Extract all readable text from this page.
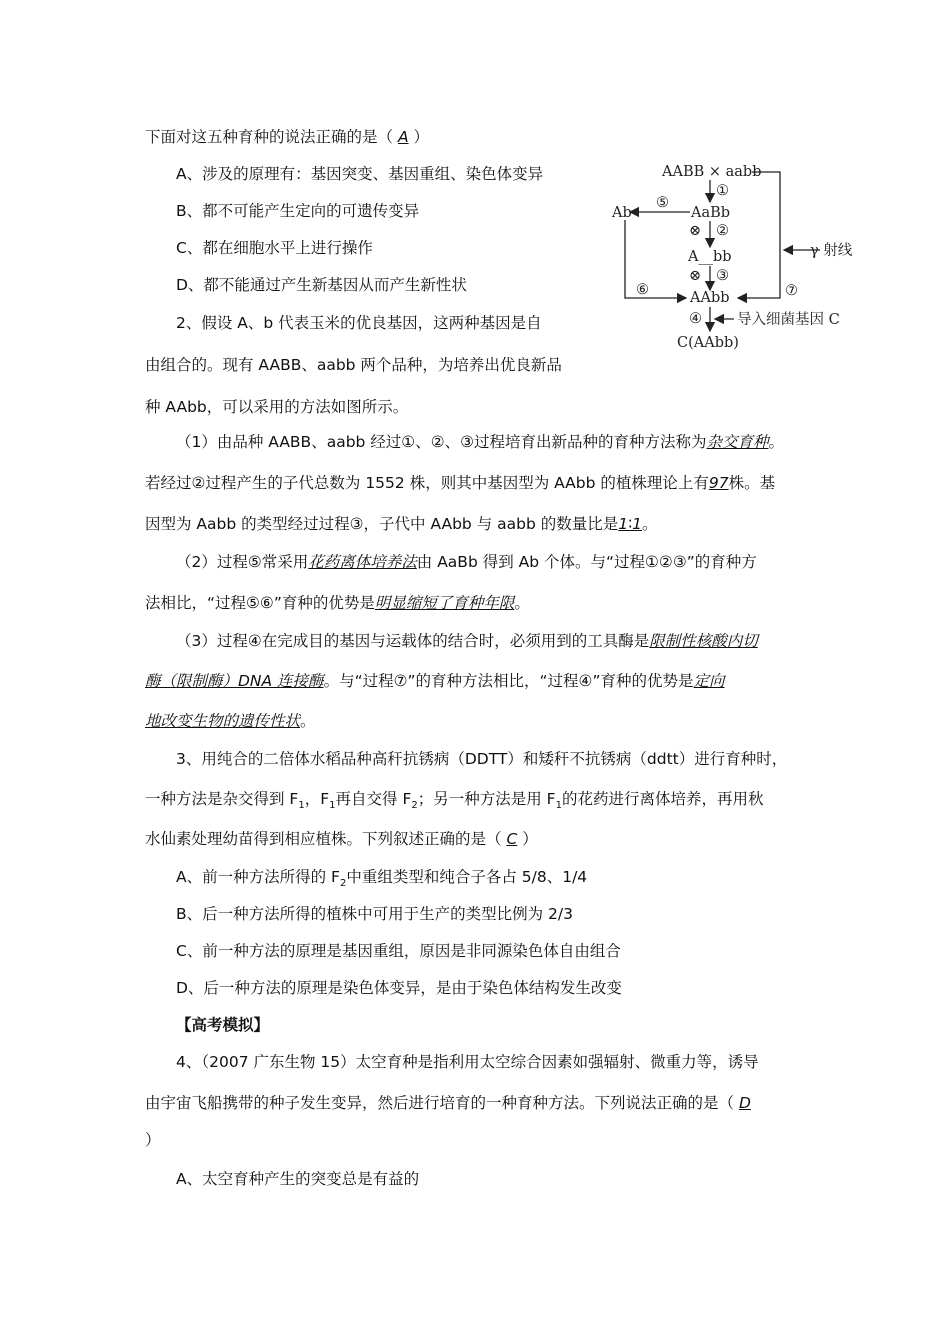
下面对这五种育种的说法正确的是（ A ）
A、涉及的原理有：基因突变、基因重组、染色体变异
B、都不可能产生定向的可遗传变异
C、都在细胞水平上进行操作
D、都不能通过产生新基因从而产生新性状
2、假设 A、b 代表玉米的优良基因，这两种基因是自
由组合的。现有 AABB、aabb 两个品种，为培养出优良新品
种 AAbb，可以采用的方法如图所示。
AABB × aabb
①
AaBb
⑤
Ab
⊗ ②
A__bb
⊗ ③
AAbb
⑥	⑦
γ 射线
④ 导入细菌基因 C
C(AAbb)
（1）由品种 AABB、aabb 经过①、②、③过程培育出新品种的育种方法称为杂交育种。
若经过②过程产生的子代总数为 1552 株，则其中基因型为 AAbb 的植株理论上有97株。基
因型为 Aabb 的类型经过过程③，子代中 AAbb 与 aabb 的数量比是1∶1。
（2）过程⑤常采用花药离体培养法由 AaBb 得到 Ab 个体。与“过程①②③”的育种方
法相比，“过程⑤⑥”育种的优势是明显缩短了育种年限。
（3）过程④在完成目的基因与运载体的结合时，必须用到的工具酶是限制性核酸内切
酶（限制酶）DNA 连接酶。与“过程⑦”的育种方法相比，“过程④”育种的优势是定向
地改变生物的遗传性状。
3、用纯合的二倍体水稻品种高秆抗锈病（DDTT）和矮秆不抗锈病（ddtt）进行育种时，
一种方法是杂交得到 $F_1$，$F_1$再自交得 $F_2$；另一种方法是用 $F_1$的花药进行离体培养，再用秋
水仙素处理幼苗得到相应植株。下列叙述正确的是（ C ）
A、前一种方法所得的 $F_2$中重组类型和纯合子各占 5/8、1/4
B、后一种方法所得的植株中可用于生产的类型比例为 2/3
C、前一种方法的原理是基因重组，原因是非同源染色体自由组合
D、后一种方法的原理是染色体变异，是由于染色体结构发生改变
【高考模拟】
4、（2007 广东生物 15）太空育种是指利用太空综合因素如强辐射、微重力等，诱导
由宇宙飞船携带的种子发生变异，然后进行培育的一种育种方法。下列说法正确的是（ D
）
A、太空育种产生的突变总是有益的
